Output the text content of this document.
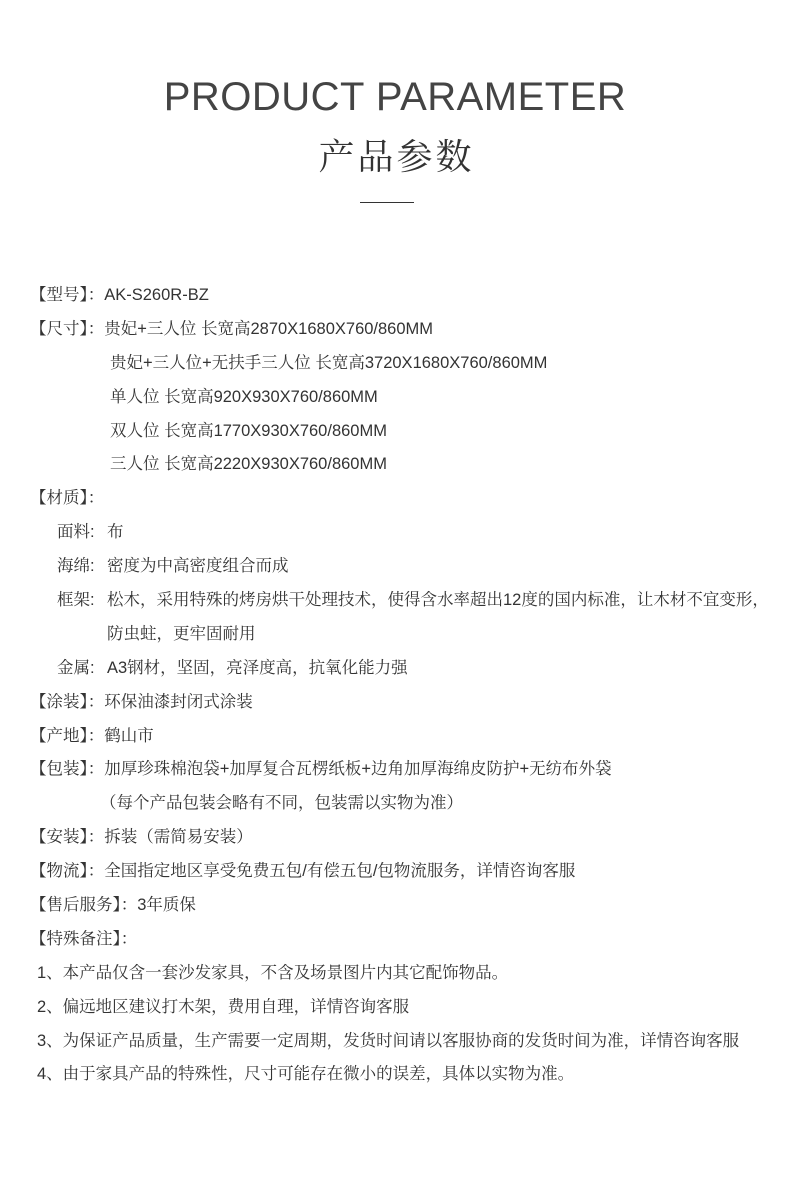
PRODUCT PARAMETER
产品参数
【型号】：AK-S260R-BZ
【尺寸】：贵妃+三人位 长宽高2870X1680X760/860MM
贵妃+三人位+无扶手三人位 长宽高3720X1680X760/860MM
单人位 长宽高920X930X760/860MM
双人位 长宽高1770X930X760/860MM
三人位 长宽高2220X930X760/860MM
【材质】：
面料: 布
海绵: 密度为中高密度组合而成
框架: 松木，采用特殊的烤房烘干处理技术，使得含水率超出12度的国内标准，让木材不宜变形，
防虫蛀，更牢固耐用
金属: A3钢材，坚固，亮泽度高，抗氧化能力强
【涂装】：环保油漆封闭式涂装
【产地】：鹤山市
【包装】：加厚珍珠棉泡袋+加厚复合瓦楞纸板+边角加厚海绵皮防护+无纺布外袋
（每个产品包装会略有不同，包装需以实物为准）
【安装】：拆装（需简易安装）
【物流】：全国指定地区享受免费五包/有偿五包/包物流服务，详情咨询客服
【售后服务】：3年质保
【特殊备注】：
1、本产品仅含一套沙发家具，不含及场景图片内其它配饰物品。
2、偏远地区建议打木架，费用自理，详情咨询客服
3、为保证产品质量，生产需要一定周期，发货时间请以客服协商的发货时间为准，详情咨询客服
4、由于家具产品的特殊性，尺寸可能存在微小的误差，具体以实物为准。
